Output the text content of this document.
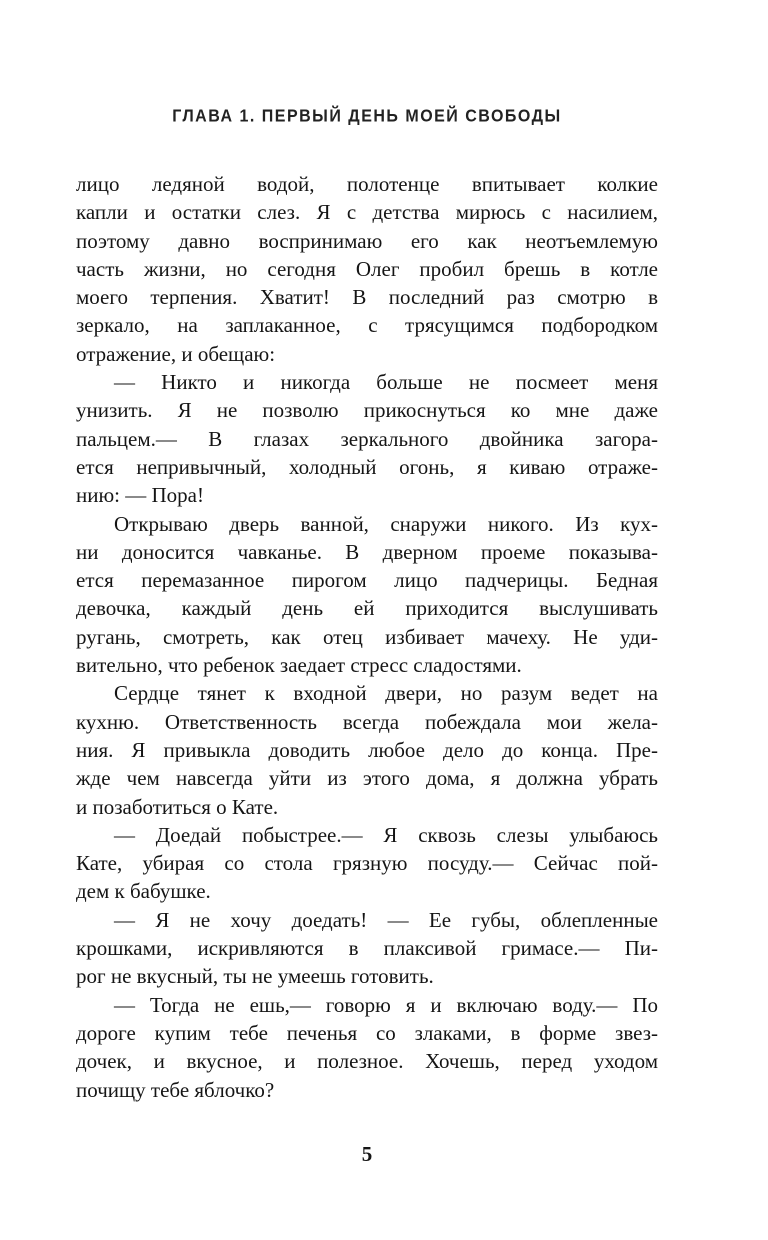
ГЛАВА 1. ПЕРВЫЙ ДЕНЬ МОЕЙ СВОБОДЫ
лицо ледяной водой, полотенце впитывает колкие
капли и остатки слез. Я с детства мирюсь с насилием,
поэтому давно воспринимаю его как неотъемлемую
часть жизни, но сегодня Олег пробил брешь в котле
моего терпения. Хватит! В последний раз смотрю в
зеркало, на заплаканное, с трясущимся подбородком
отражение, и обещаю:
— Никто и никогда больше не посмеет меня
унизить. Я не позволю прикоснуться ко мне даже
пальцем.— В глазах зеркального двойника загора-
ется непривычный, холодный огонь, я киваю отраже-
нию: — Пора!
Открываю дверь ванной, снаружи никого. Из кух-
ни доносится чавканье. В дверном проеме показыва-
ется перемазанное пирогом лицо падчерицы. Бедная
девочка, каждый день ей приходится выслушивать
ругань, смотреть, как отец избивает мачеху. Не уди-
вительно, что ребенок заедает стресс сладостями.
Сердце тянет к входной двери, но разум ведет на
кухню. Ответственность всегда побеждала мои жела-
ния. Я привыкла доводить любое дело до конца. Пре-
жде чем навсегда уйти из этого дома, я должна убрать
и позаботиться о Кате.
— Доедай побыстрее.— Я сквозь слезы улыбаюсь
Кате, убирая со стола грязную посуду.— Сейчас пой-
дем к бабушке.
— Я не хочу доедать! — Ее губы, облепленные
крошками, искривляются в плаксивой гримасе.— Пи-
рог не вкусный, ты не умеешь готовить.
— Тогда не ешь,— говорю я и включаю воду.— По
дороге купим тебе печенья со злаками, в форме звез-
дочек, и вкусное, и полезное. Хочешь, перед уходом
почищу тебе яблочко?
5
